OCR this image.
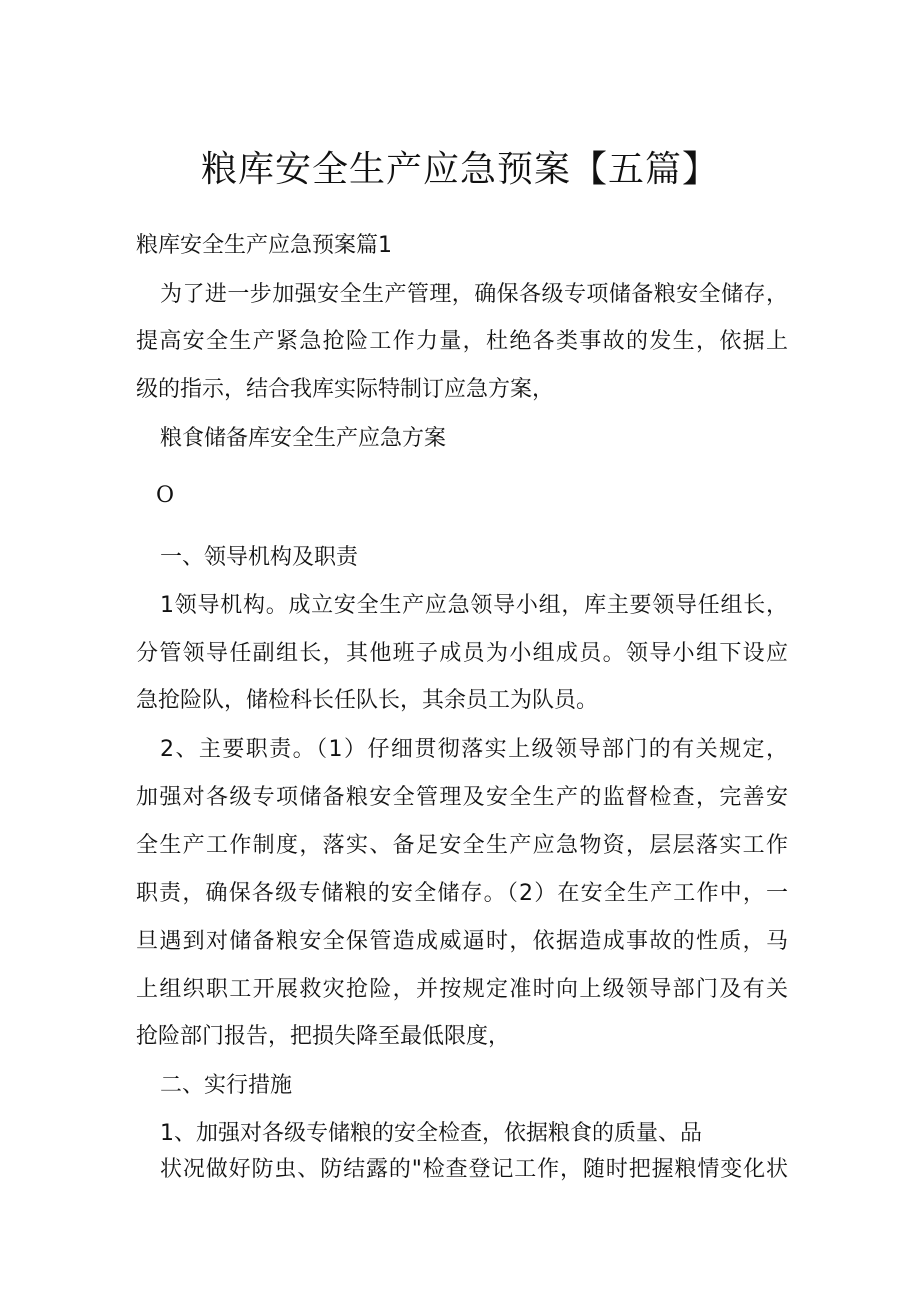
粮库安全生产应急预案【五篇】
粮库安全生产应急预案篇1
为了进一步加强安全生产管理，确保各级专项储备粮安全储存，
提高安全生产紧急抢险工作力量，杜绝各类事故的发生，依据上
级的指示，结合我库实际特制订应急方案，
粮食储备库安全生产应急方案
O
一、领导机构及职责
1领导机构。成立安全生产应急领导小组，库主要领导任组长，
分管领导任副组长，其他班子成员为小组成员。领导小组下设应
急抢险队，储检科长任队长，其余员工为队员。
2、主要职责。（1）仔细贯彻落实上级领导部门的有关规定，
加强对各级专项储备粮安全管理及安全生产的监督检查，完善安
全生产工作制度，落实、备足安全生产应急物资，层层落实工作
职责，确保各级专储粮的安全储存。（2）在安全生产工作中，一
旦遇到对储备粮安全保管造成威逼时，依据造成事故的性质，马
上组织职工开展救灾抢险，并按规定准时向上级领导部门及有关
抢险部门报告，把损失降至最低限度，
二、实行措施
1、加强对各级专储粮的安全检查，依据粮食的质量、品
状况做好防虫、防结露的"检查登记工作，随时把握粮情变化状
